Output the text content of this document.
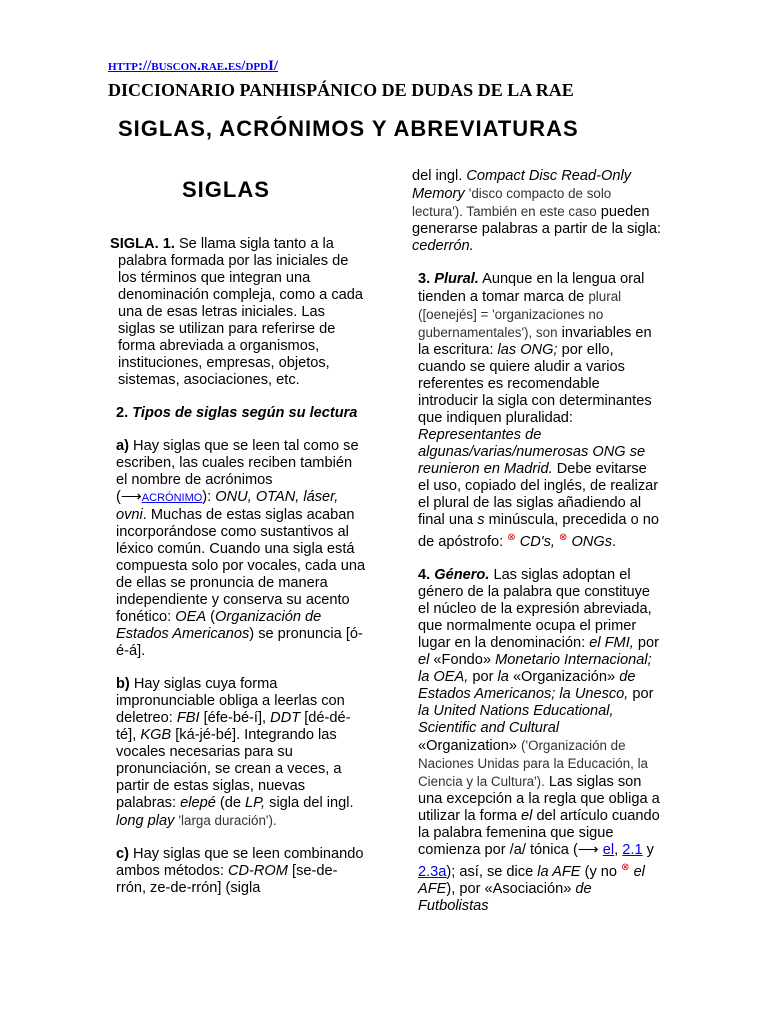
http://buscon.rae.es/dpdI/
DICCIONARIO PANHISPÁNICO DE DUDAS DE LA RAE
SIGLAS, ACRÓNIMOS Y ABREVIATURAS
SIGLAS

SIGLA. 1. Se llama sigla tanto a la palabra formada por las iniciales de los términos que integran una denominación compleja, como a cada una de esas letras iniciales. Las siglas se utilizan para referirse de forma abreviada a organismos, instituciones, empresas, objetos, sistemas, asociaciones, etc.

2. Tipos de siglas según su lectura

a) Hay siglas que se leen tal como se escriben, las cuales reciben también el nombre de acrónimos (⟶ACRÓNIMO): ONU, OTAN, láser, ovni. Muchas de estas siglas acaban incorporándose como sustantivos al léxico común. Cuando una sigla está compuesta solo por vocales, cada una de ellas se pronuncia de manera independiente y conserva su acento fonético: OEA (Organización de Estados Americanos) se pronuncia [ó-é-á].

b) Hay siglas cuya forma impronunciable obliga a leerlas con deletreo: FBI [éfe-bé-í], DDT [dé-dé-té], KGB [ká-jé-bé]. Integrando las vocales necesarias para su pronunciación, se crean a veces, a partir de estas siglas, nuevas palabras: elepé (de LP, sigla del ingl. long play 'larga duración').

c) Hay siglas que se leen combinando ambos métodos: CD-ROM [se-de-rrón, ze-de-rrón] (sigla

del ingl. Compact Disc Read-Only Memory 'disco compacto de solo lectura'). También en este caso pueden generarse palabras a partir de la sigla: cederrón.

3. Plural. Aunque en la lengua oral tienden a tomar marca de plural ([oenejés] = 'organizaciones no gubernamentales'), son invariables en la escritura: las ONG; por ello, cuando se quiere aludir a varios referentes es recomendable introducir la sigla con determinantes que indiquen pluralidad: Representantes de algunas/varias/numerosas ONG se reunieron en Madrid. Debe evitarse el uso, copiado del inglés, de realizar el plural de las siglas añadiendo al final una s minúscula, precedida o no de apóstrofo: ⊗ CD's, ⊗ ONGs.

4. Género. Las siglas adoptan el género de la palabra que constituye el núcleo de la expresión abreviada, que normalmente ocupa el primer lugar en la denominación: el FMI, por el «Fondo» Monetario Internacional; la OEA, por la «Organización» de Estados Americanos; la Unesco, por la United Nations Educational, Scientific and Cultural «Organization» ('Organización de Naciones Unidas para la Educación, la Ciencia y la Cultura'). Las siglas son una excepción a la regla que obliga a utilizar la forma el del artículo cuando la palabra femenina que sigue comienza por /a/ tónica (⟶ el, 2.1 y 2.3a); así, se dice la AFE (y no ⊗ el AFE), por «Asociación» de Futbolistas
